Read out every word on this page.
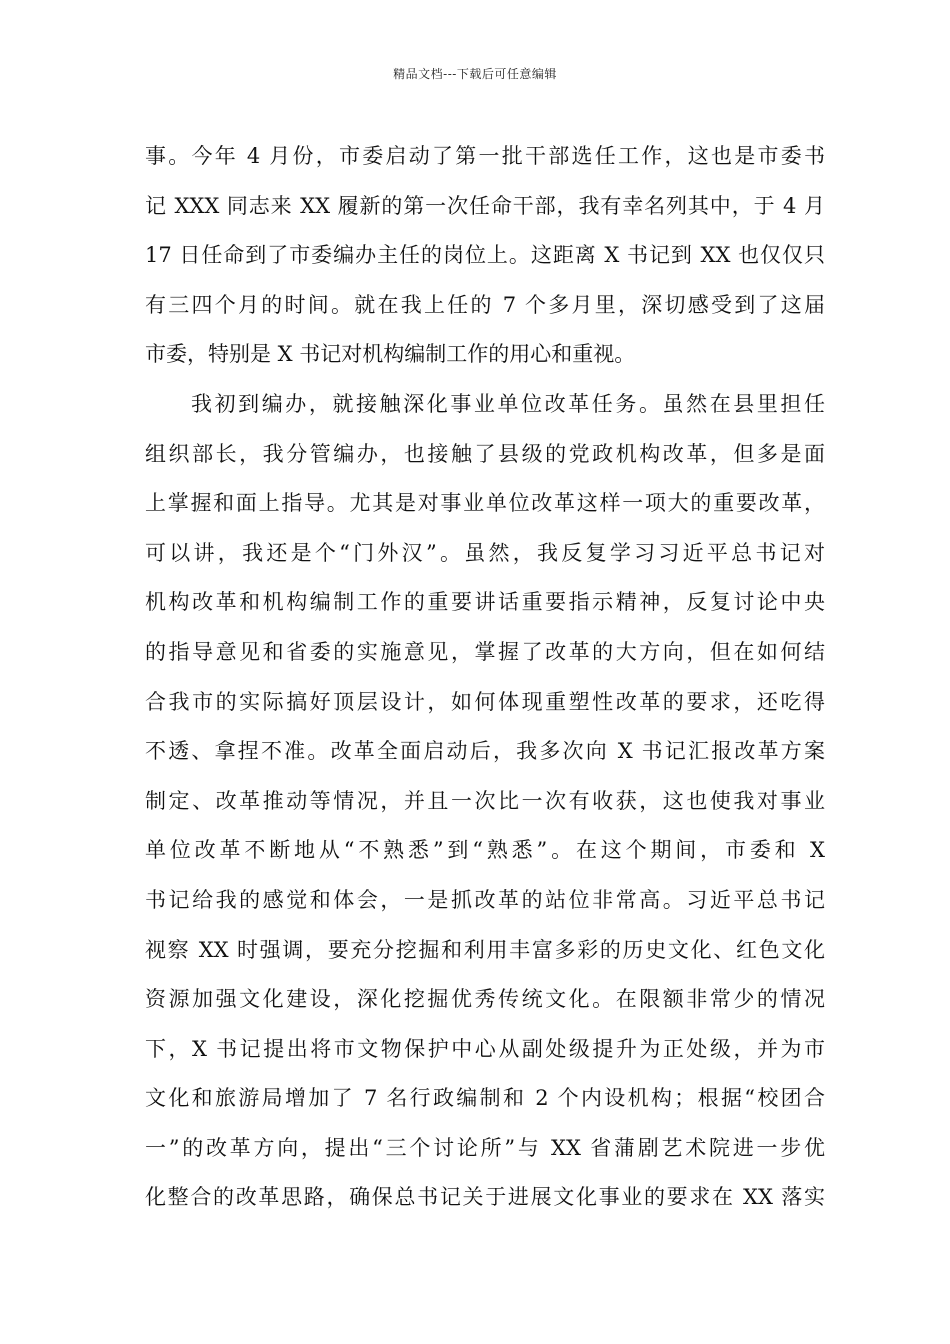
精品文档---下载后可任意编辑
事。今年 4 月份，市委启动了第一批干部选任工作，这也是市委书
记 XXX 同志来 XX 履新的第一次任命干部，我有幸名列其中，于 4 月
17 日任命到了市委编办主任的岗位上。这距离 X 书记到 XX 也仅仅只
有三四个月的时间。就在我上任的 7 个多月里，深切感受到了这届
市委，特别是 X 书记对机构编制工作的用心和重视。
我初到编办，就接触深化事业单位改革任务。虽然在县里担任
组织部长，我分管编办，也接触了县级的党政机构改革，但多是面
上掌握和面上指导。尤其是对事业单位改革这样一项大的重要改革，
可以讲，我还是个“门外汉”。虽然，我反复学习习近平总书记对
机构改革和机构编制工作的重要讲话重要指示精神，反复讨论中央
的指导意见和省委的实施意见，掌握了改革的大方向，但在如何结
合我市的实际搞好顶层设计，如何体现重塑性改革的要求，还吃得
不透、拿捏不准。改革全面启动后，我多次向 X 书记汇报改革方案
制定、改革推动等情况，并且一次比一次有收获，这也使我对事业
单位改革不断地从“不熟悉”到“熟悉”。在这个期间，市委和 X
书记给我的感觉和体会，一是抓改革的站位非常高。习近平总书记
视察 XX 时强调，要充分挖掘和利用丰富多彩的历史文化、红色文化
资源加强文化建设，深化挖掘优秀传统文化。在限额非常少的情况
下，X 书记提出将市文物保护中心从副处级提升为正处级，并为市
文化和旅游局增加了 7 名行政编制和 2 个内设机构；根据“校团合
一”的改革方向，提出“三个讨论所”与 XX 省蒲剧艺术院进一步优
化整合的改革思路，确保总书记关于进展文化事业的要求在 XX 落实
